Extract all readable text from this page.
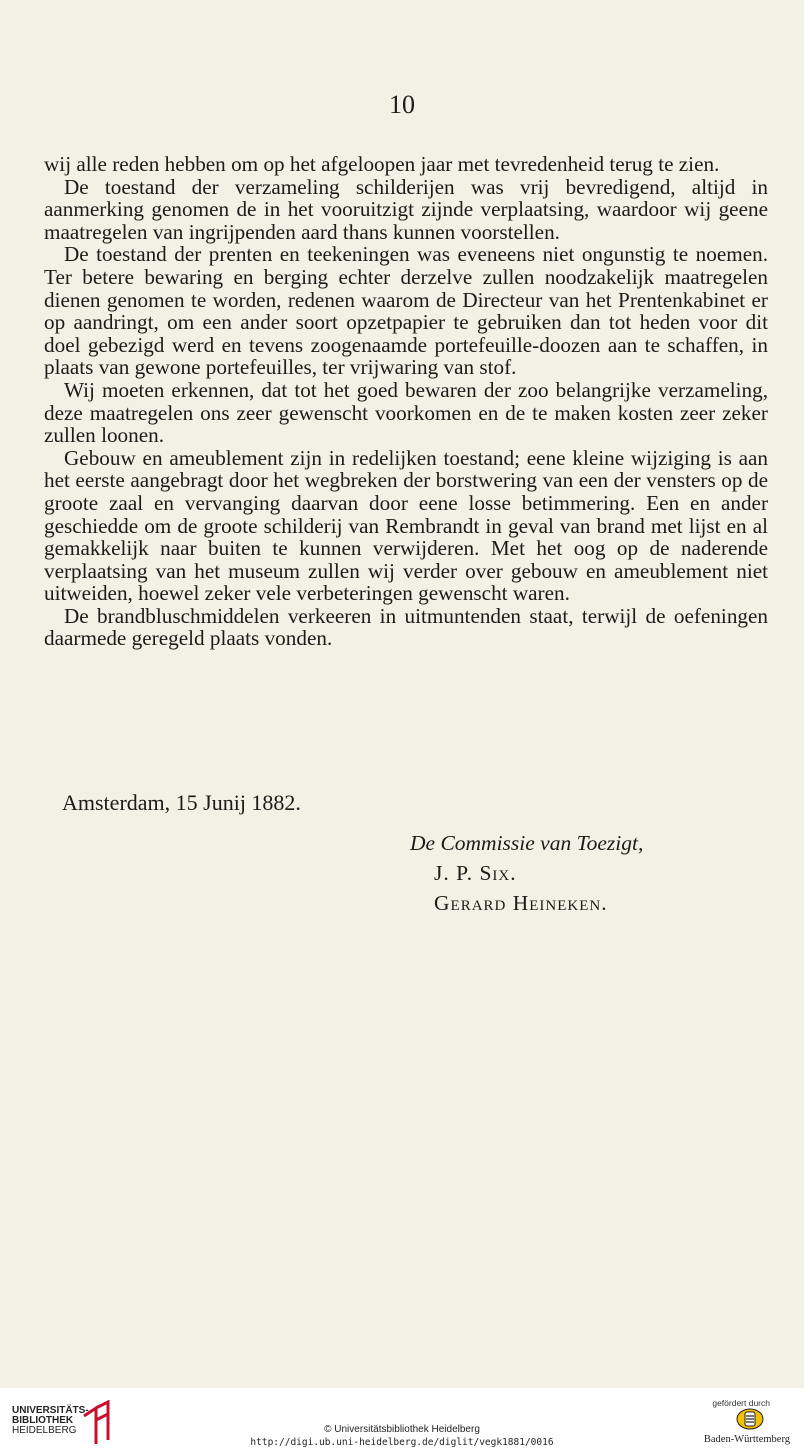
10

wij alle reden hebben om op het afgeloopen jaar met tevredenheid terug te zien.

De toestand der verzameling schilderijen was vrij bevredigend, altijd in aanmerking genomen de in het vooruitzigt zijnde verplaatsing, waardoor wij geene maatregelen van ingrijpenden aard thans kunnen voorstellen.

De toestand der prenten en teekeningen was eveneens niet ongunstig te noemen. Ter betere bewaring en berging echter derzelve zullen noodzakelijk maatregelen dienen genomen te worden, redenen waarom de Directeur van het Prentenkabinet er op aandringt, om een ander soort opzetpapier te gebruiken dan tot heden voor dit doel gebezigd werd en tevens zoogenaamde portefeuille-doozen aan te schaffen, in plaats van gewone portefeuilles, ter vrijwaring van stof.

Wij moeten erkennen, dat tot het goed bewaren der zoo belangrijke verzameling, deze maatregelen ons zeer gewenscht voorkomen en de te maken kosten zeer zeker zullen loonen.

Gebouw en ameublement zijn in redelijken toestand; eene kleine wijziging is aan het eerste aangebragt door het wegbreken der borstwering van een der vensters op de groote zaal en vervanging daarvan door eene losse betimmering. Een en ander geschiedde om de groote schilderij van Rembrandt in geval van brand met lijst en al gemakkelijk naar buiten te kunnen verwijderen. Met het oog op de naderende verplaatsing van het museum zullen wij verder over gebouw en ameublement niet uitweiden, hoewel zeker vele verbeteringen gewenscht waren.

De brandbluschmiddelen verkeeren in uitmuntenden staat, terwijl de oefeningen daarmede geregeld plaats vonden.

Amsterdam, 15 Junij 1882.
De Commissie van Toezigt,
J. P. Six.
Gerard Heineken.
UNIVERSITÄTS-
BIBLIOTHEK
HEIDELBERG	© Universitätsbibliothek Heidelberg
http://digi.ub.uni-heidelberg.de/diglit/vegk1881/0016
gefördert durch
Baden-Württemberg
